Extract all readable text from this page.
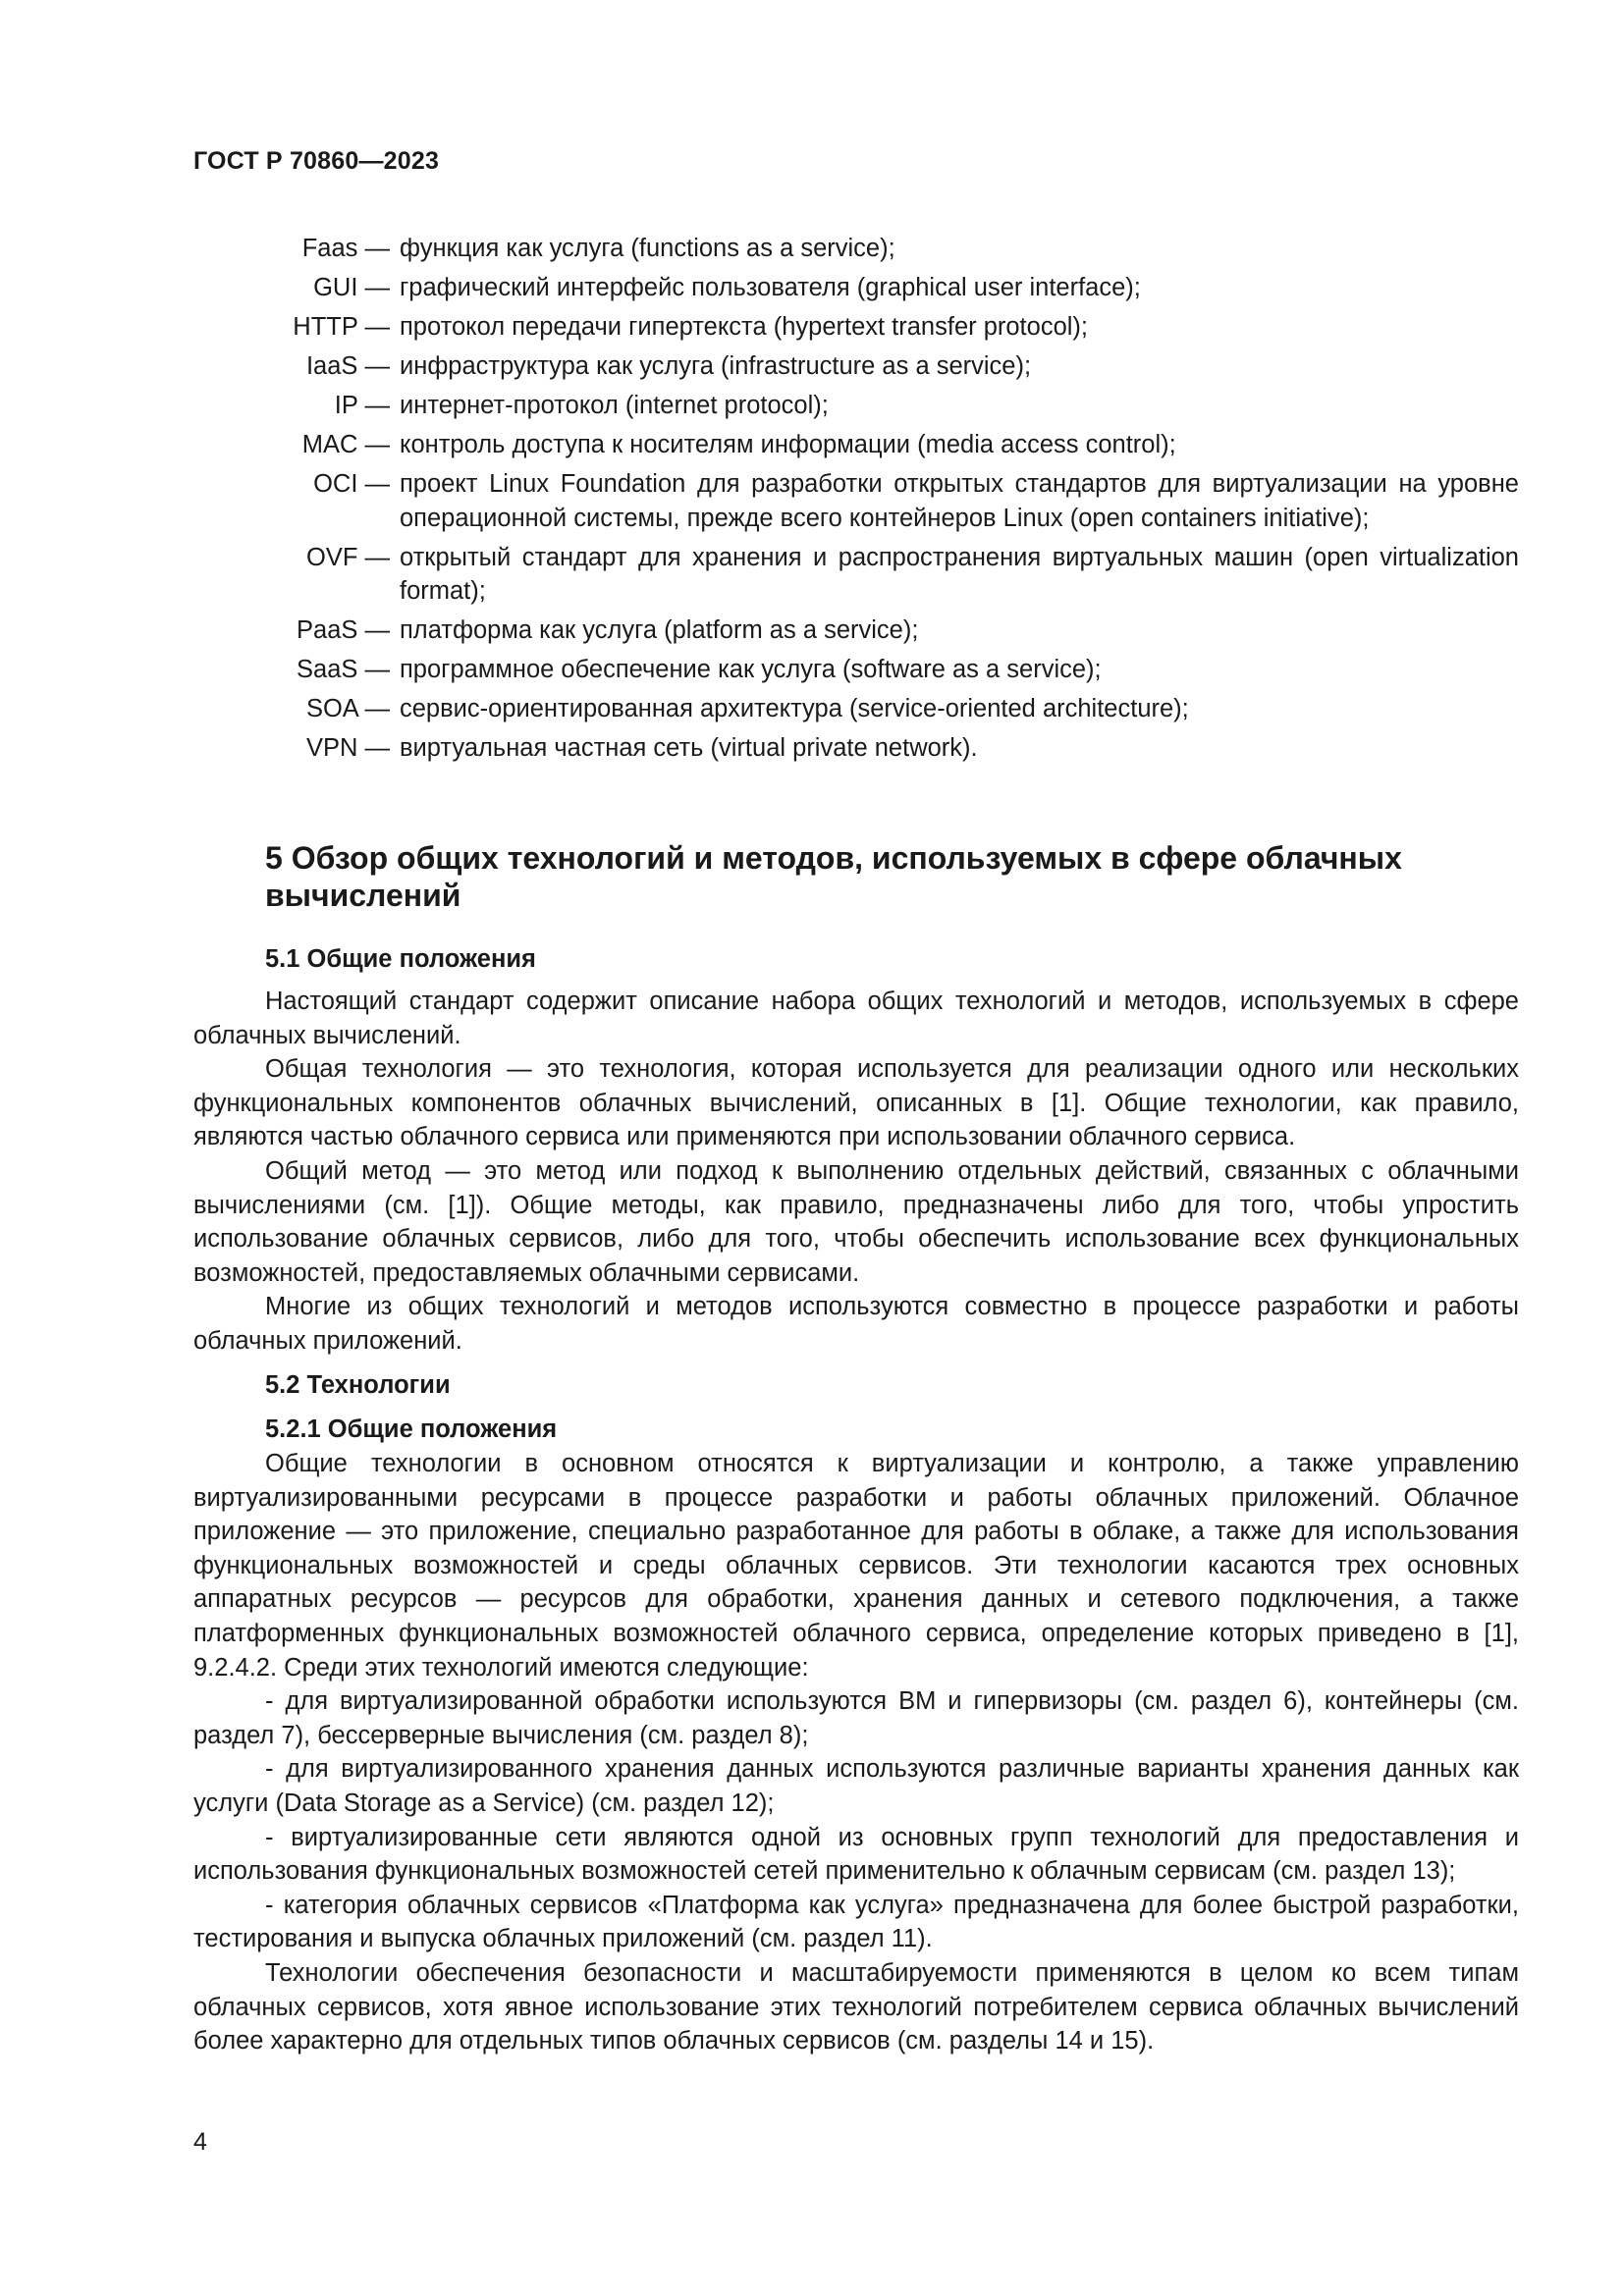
ГОСТ Р 70860—2023
Faas — функция как услуга (functions as a service);
GUI — графический интерфейс пользователя (graphical user interface);
HTTP — протокол передачи гипертекста (hypertext transfer protocol);
IaaS — инфраструктура как услуга (infrastructure as a service);
IP — интернет-протокол (internet protocol);
MAC — контроль доступа к носителям информации (media access control);
OCI — проект Linux Foundation для разработки открытых стандартов для виртуализации на уровне операционной системы, прежде всего контейнеров Linux (open containers initiative);
OVF — открытый стандарт для хранения и распространения виртуальных машин (open virtualization format);
PaaS — платформа как услуга (platform as a service);
SaaS — программное обеспечение как услуга (software as a service);
SOA — сервис-ориентированная архитектура (service-oriented architecture);
VPN — виртуальная частная сеть (virtual private network).
5 Обзор общих технологий и методов, используемых в сфере облачных вычислений
5.1 Общие положения

Настоящий стандарт содержит описание набора общих технологий и методов, используемых в сфере облачных вычислений.

Общая технология — это технология, которая используется для реализации одного или нескольких функциональных компонентов облачных вычислений, описанных в [1]. Общие технологии, как правило, являются частью облачного сервиса или применяются при использовании облачного сервиса.

Общий метод — это метод или подход к выполнению отдельных действий, связанных с облачными вычислениями (см. [1]). Общие методы, как правило, предназначены либо для того, чтобы упростить использование облачных сервисов, либо для того, чтобы обеспечить использование всех функциональных возможностей, предоставляемых облачными сервисами.

Многие из общих технологий и методов используются совместно в процессе разработки и работы облачных приложений.

5.2 Технологии
5.2.1 Общие положения

Общие технологии в основном относятся к виртуализации и контролю, а также управлению виртуализированными ресурсами в процессе разработки и работы облачных приложений. Облачное приложение — это приложение, специально разработанное для работы в облаке, а также для использования функциональных возможностей и среды облачных сервисов. Эти технологии касаются трех основных аппаратных ресурсов — ресурсов для обработки, хранения данных и сетевого подключения, а также платформенных функциональных возможностей облачного сервиса, определение которых приведено в [1], 9.2.4.2. Среди этих технологий имеются следующие:

- для виртуализированной обработки используются ВМ и гипервизоры (см. раздел 6), контейнеры (см. раздел 7), бессерверные вычисления (см. раздел 8);

- для виртуализированного хранения данных используются различные варианты хранения данных как услуги (Data Storage as a Service) (см. раздел 12);

- виртуализированные сети являются одной из основных групп технологий для предоставления и использования функциональных возможностей сетей применительно к облачным сервисам (см. раздел 13);

- категория облачных сервисов «Платформа как услуга» предназначена для более быстрой разработки, тестирования и выпуска облачных приложений (см. раздел 11).

Технологии обеспечения безопасности и масштабируемости применяются в целом ко всем типам облачных сервисов, хотя явное использование этих технологий потребителем сервиса облачных вычислений более характерно для отдельных типов облачных сервисов (см. разделы 14 и 15).

4
